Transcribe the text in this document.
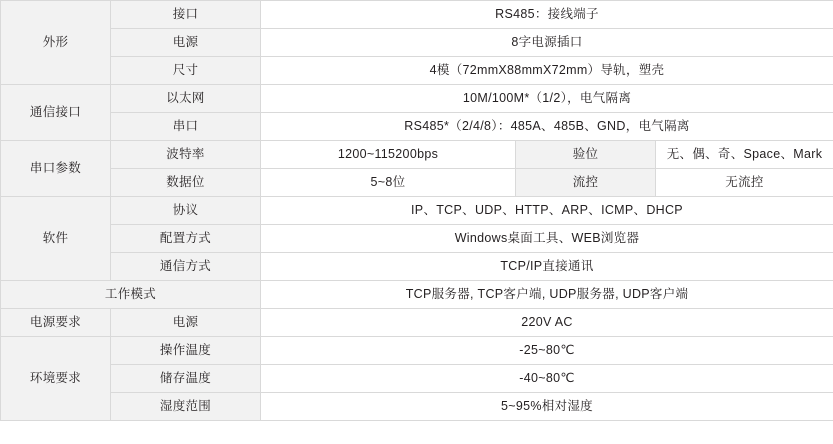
外形	接口	RS485：接线端子		
	电源	8字电源插口		
	尺寸	4模（72mmX88mmX72mm）导轨，塑壳		
通信接口	以太网	10M/100M*（1/2），电气隔离		
	串口	RS485*（2/4/8）：485A、485B、GND，电气隔离		
串口参数	波特率	1200~115200bps	验位	无、偶、奇、Space、Mark
	数据位	5~8位	流控	无流控
软件	协议	IP、TCP、UDP、HTTP、ARP、ICMP、DHCP		
	配置方式	Windows桌面工具、WEB浏览器		
	通信方式	TCP/IP直接通讯		
工作模式		TCP服务器, TCP客户端, UDP服务器, UDP客户端		
电源要求	电源	220V AC		
环境要求	操作温度	-25~80℃		
	储存温度	-40~80℃		
	湿度范围	5~95%相对湿度		
